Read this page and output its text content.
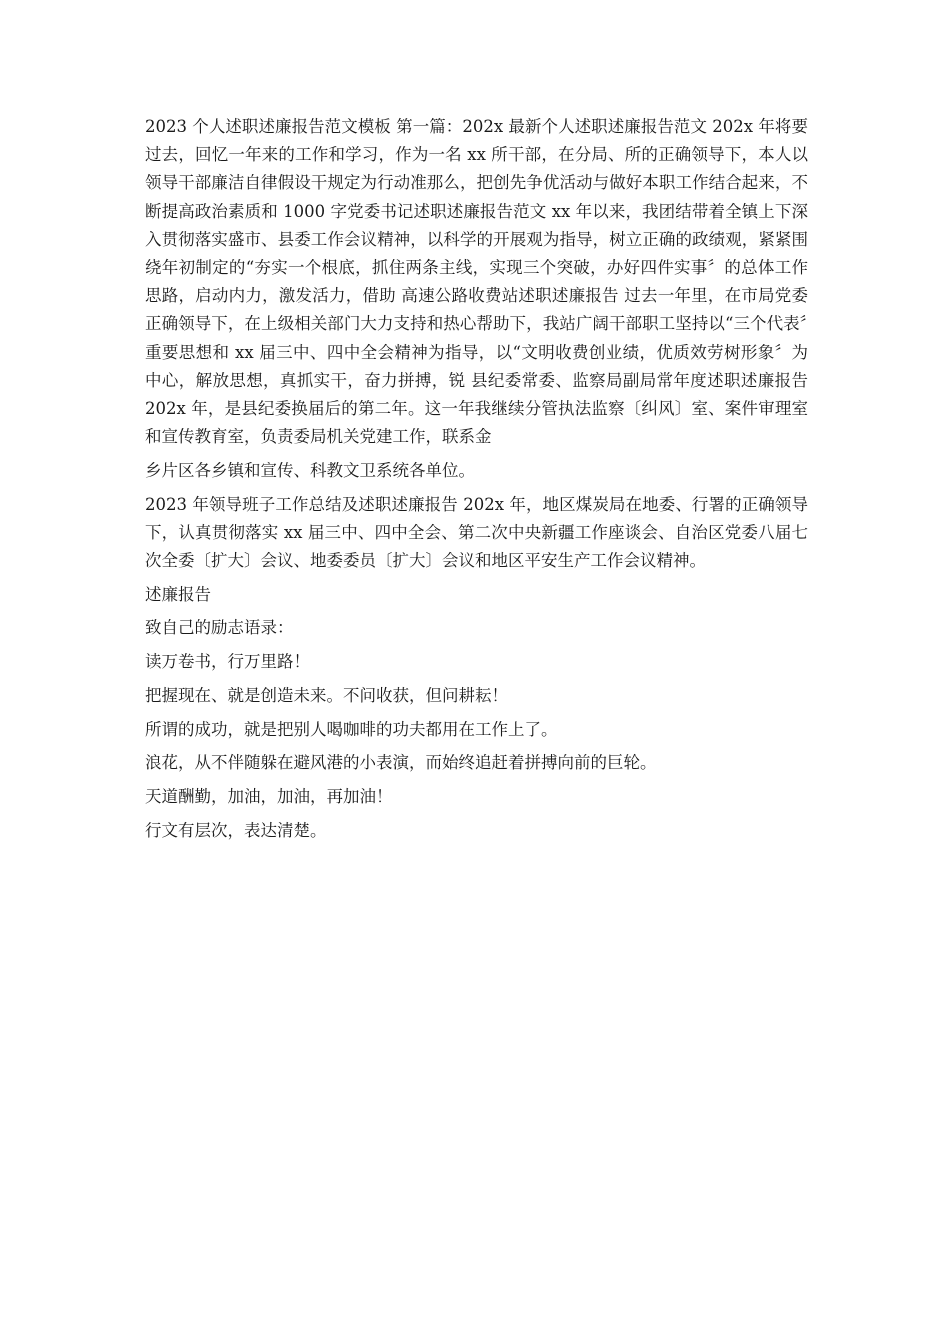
2023 个人述职述廉报告范文模板 第一篇：202x 最新个人述职述廉报告范文 202x 年将要过去，回忆一年来的工作和学习，作为一名 xx 所干部，在分局、所的正确领导下，本人以领导干部廉洁自律假设干规定为行动准那么，把创先争优活动与做好本职工作结合起来，不断提高政治素质和 1000 字党委书记述职述廉报告范文 xx 年以来，我团结带着全镇上下深入贯彻落实盛市、县委工作会议精神，以科学的开展观为指导，树立正确的政绩观，紧紧围绕年初制定的“夯实一个根底，抓住两条主线，实现三个突破，办好四件实事〞的总体工作思路，启动内力，激发活力，借助 高速公路收费站述职述廉报告 过去一年里，在市局党委正确领导下，在上级相关部门大力支持和热心帮助下，我站广阔干部职工坚持以“三个代表〞重要思想和 xx 届三中、四中全会精神为指导，以“文明收费创业绩，优质效劳树形象〞为中心，解放思想，真抓实干，奋力拼搏，锐 县纪委常委、监察局副局常年度述职述廉报告 202x 年，是县纪委换届后的第二年。这一年我继续分管执法监察〔纠风〕室、案件审理室和宣传教育室，负责委局机关党建工作，联系金

乡片区各乡镇和宣传、科教文卫系统各单位。

2023 年领导班子工作总结及述职述廉报告 202x 年，地区煤炭局在地委、行署的正确领导下，认真贯彻落实 xx 届三中、四中全会、第二次中央新疆工作座谈会、自治区党委八届七次全委〔扩大〕会议、地委委员〔扩大〕会议和地区平安生产工作会议精神。

述廉报告

致自己的励志语录：

读万卷书，行万里路！

把握现在、就是创造未来。不问收获，但问耕耘！

所谓的成功，就是把别人喝咖啡的功夫都用在工作上了。

浪花，从不伴随躲在避风港的小表演，而始终追赶着拼搏向前的巨轮。

天道酬勤，加油，加油，再加油！

行文有层次，表达清楚。
